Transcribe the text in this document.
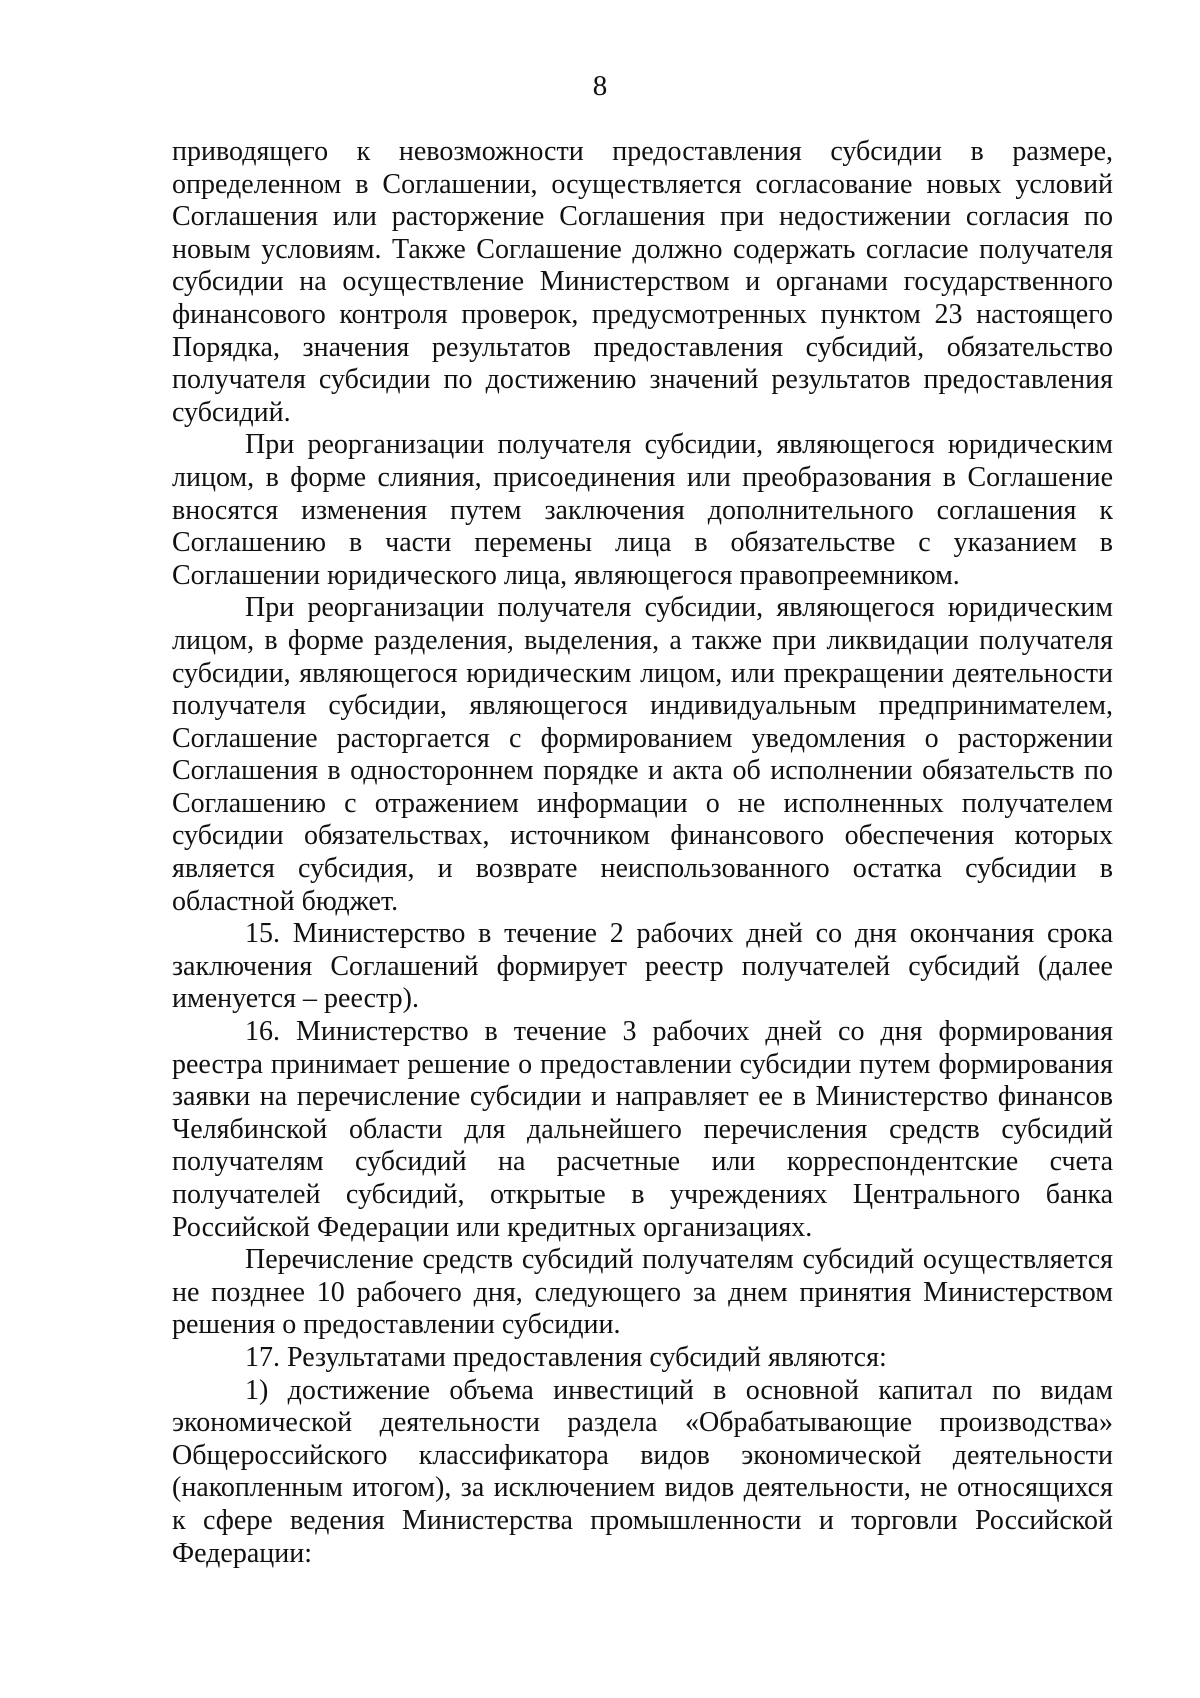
8

приводящего к невозможности предоставления субсидии в размере, определенном в Соглашении, осуществляется согласование новых условий Соглашения или расторжение Соглашения при недостижении согласия по новым условиям. Также Соглашение должно содержать согласие получателя субсидии на осуществление Министерством и органами государственного финансового контроля проверок, предусмотренных пунктом 23 настоящего Порядка, значения результатов предоставления субсидий, обязательство получателя субсидии по достижению значений результатов предоставления субсидий.

При реорганизации получателя субсидии, являющегося юридическим лицом, в форме слияния, присоединения или преобразования в Соглашение вносятся изменения путем заключения дополнительного соглашения к Соглашению в части перемены лица в обязательстве с указанием в Соглашении юридического лица, являющегося правопреемником.

При реорганизации получателя субсидии, являющегося юридическим лицом, в форме разделения, выделения, а также при ликвидации получателя субсидии, являющегося юридическим лицом, или прекращении деятельности получателя субсидии, являющегося индивидуальным предпринимателем, Соглашение расторгается с формированием уведомления о расторжении Соглашения в одностороннем порядке и акта об исполнении обязательств по Соглашению с отражением информации о не исполненных получателем субсидии обязательствах, источником финансового обеспечения которых является субсидия, и возврате неиспользованного остатка субсидии в областной бюджет.

15. Министерство в течение 2 рабочих дней со дня окончания срока заключения Соглашений формирует реестр получателей субсидий (далее именуется – реестр).

16. Министерство в течение 3 рабочих дней со дня формирования реестра принимает решение о предоставлении субсидии путем формирования заявки на перечисление субсидии и направляет ее в Министерство финансов Челябинской области для дальнейшего перечисления средств субсидий получателям субсидий на расчетные или корреспондентские счета получателей субсидий, открытые в учреждениях Центрального банка Российской Федерации или кредитных организациях.

Перечисление средств субсидий получателям субсидий осуществляется не позднее 10 рабочего дня, следующего за днем принятия Министерством решения о предоставлении субсидии.

17. Результатами предоставления субсидий являются:

1) достижение объема инвестиций в основной капитал по видам экономической деятельности раздела «Обрабатывающие производства» Общероссийского классификатора видов экономической деятельности (накопленным итогом), за исключением видов деятельности, не относящихся к сфере ведения Министерства промышленности и торговли Российской Федерации:
